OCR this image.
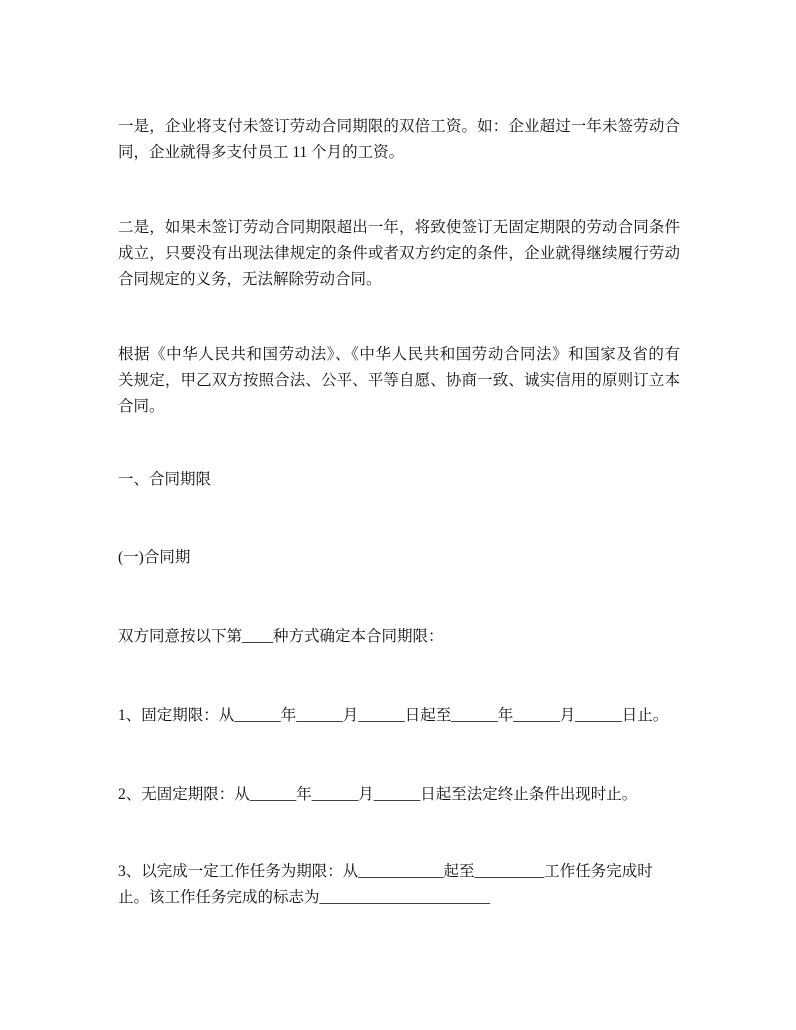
一是，企业将支付未签订劳动合同期限的双倍工资。如：企业超过一年未签劳动合
同，企业就得多支付员工 11 个月的工资。
二是，如果未签订劳动合同期限超出一年，将致使签订无固定期限的劳动合同条件
成立，只要没有出现法律规定的条件或者双方约定的条件，企业就得继续履行劳动
合同规定的义务，无法解除劳动合同。
根据《中华人民共和国劳动法》、《中华人民共和国劳动合同法》和国家及省的有
关规定，甲乙双方按照合法、公平、平等自愿、协商一致、诚实信用的原则订立本
合同。
一、合同期限
(一)合同期
双方同意按以下第____种方式确定本合同期限：
1、固定期限：从______年______月______日起至______年______月______日止。
2、无固定期限：从______年______月______日起至法定终止条件出现时止。
3、以完成一定工作任务为期限：从___________起至_________工作任务完成时
止。该工作任务完成的标志为______________________
